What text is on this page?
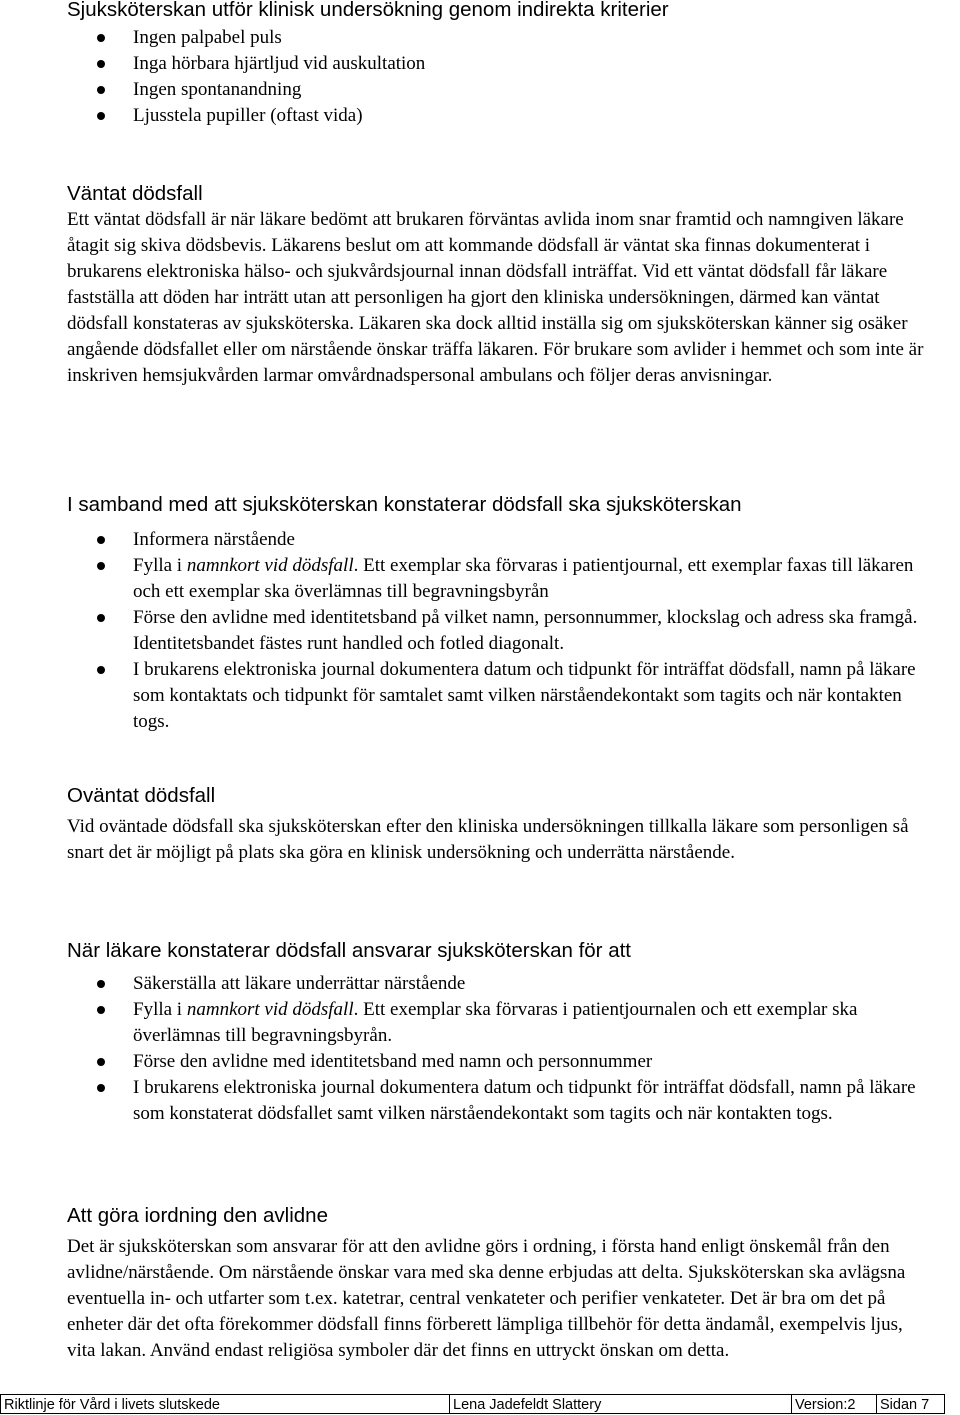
Sjuksköterskan utför klinisk undersökning genom indirekta kriterier
Ingen palpabel puls
Inga hörbara hjärtljud vid auskultation
Ingen spontanandning
Ljusstela pupiller (oftast vida)
Väntat dödsfall

Ett väntat dödsfall är när läkare bedömt att brukaren förväntas avlida inom snar framtid och namngiven läkare åtagit sig skiva dödsbevis. Läkarens beslut om att kommande dödsfall är väntat ska finnas dokumenterat i brukarens elektroniska hälso- och sjukvårdsjournal innan dödsfall inträffat. Vid ett väntat dödsfall får läkare fastställa att döden har inträtt utan att personligen ha gjort den kliniska undersökningen, därmed kan väntat dödsfall konstateras av sjuksköterska. Läkaren ska dock alltid inställa sig om sjuksköterskan känner sig osäker angående dödsfallet eller om närstående önskar träffa läkaren. För brukare som avlider i hemmet och som inte är inskriven hemsjukvården larmar omvårdnadspersonal ambulans och följer deras anvisningar.

I samband med att sjuksköterskan konstaterar dödsfall ska sjuksköterskan
Informera närstående
Fylla i namnkort vid dödsfall. Ett exemplar ska förvaras i patientjournal, ett exemplar faxas till läkaren och ett exemplar ska överlämnas till begravningsbyrån
Förse den avlidne med identitetsband på vilket namn, personnummer, klockslag och adress ska framgå. Identitetsbandet fästes runt handled och fotled diagonalt.
I brukarens elektroniska journal dokumentera datum och tidpunkt för inträffat dödsfall, namn på läkare som kontaktats och tidpunkt för samtalet samt vilken närståendekontakt som tagits och när kontakten togs.
Oväntat dödsfall

Vid oväntade dödsfall ska sjuksköterskan efter den kliniska undersökningen tillkalla läkare som personligen så snart det är möjligt på plats ska göra en klinisk undersökning och underrätta närstående.

När läkare konstaterar dödsfall ansvarar sjuksköterskan för att
Säkerställa att läkare underrättar närstående
Fylla i namnkort vid dödsfall. Ett exemplar ska förvaras i patientjournalen och ett exemplar ska överlämnas till begravningsbyrån.
Förse den avlidne med identitetsband med namn och personnummer
I brukarens elektroniska journal dokumentera datum och tidpunkt för inträffat dödsfall, namn på läkare som konstaterat dödsfallet samt vilken närståendekontakt som tagits och när kontakten togs.
Att göra iordning den avlidne

Det är sjuksköterskan som ansvarar för att den avlidne görs i ordning, i första hand enligt önskemål från den avlidne/närstående. Om närstående önskar vara med ska denne erbjudas att delta. Sjuksköterskan ska avlägsna eventuella in- och utfarter som t.ex. katetrar, central venkateter och perifier venkateter. Det är bra om det på enheter där det ofta förekommer dödsfall finns förberett lämpliga tillbehör för detta ändamål, exempelvis ljus, vita lakan. Använd endast religiösa symboler där det finns en uttryckt önskan om detta.

Riktlinje för Vård i livets slutskede	Lena Jadefeldt Slattery	Version:2	Sidan 7
